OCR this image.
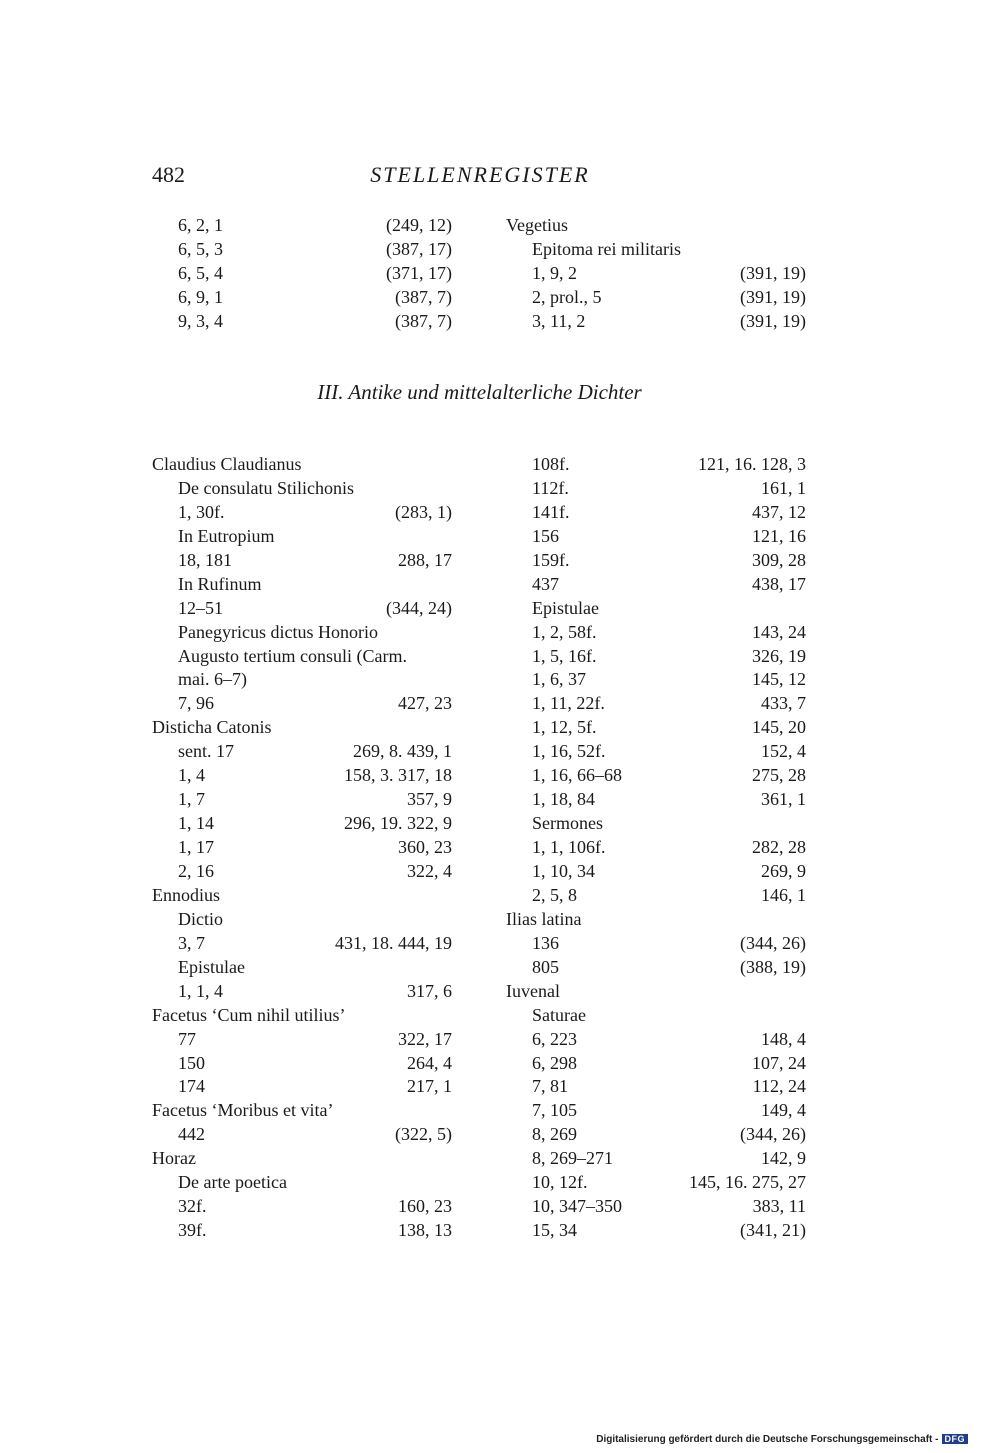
482	STELLENREGISTER
6, 2, 1	(249, 12)
6, 5, 3	(387, 17)
6, 5, 4	(371, 17)
6, 9, 1	(387, 7)
9, 3, 4	(387, 7)
Vegetius
Epitoma rei militaris
1, 9, 2	(391, 19)
2, prol., 5	(391, 19)
3, 11, 2	(391, 19)
III. Antike und mittelalterliche Dichter
Claudius Claudianus
De consulatu Stilichonis
1, 30f.	(283, 1)
In Eutropium
18, 181	288, 17
In Rufinum
12–51	(344, 24)
Panegyricus dictus Honorio
Augusto tertium consuli (Carm.
mai. 6–7)
7, 96	427, 23
Disticha Catonis
sent. 17	269, 8. 439, 1
1, 4	158, 3. 317, 18
1, 7	357, 9
1, 14	296, 19. 322, 9
1, 17	360, 23
2, 16	322, 4
Ennodius
Dictio
3, 7	431, 18. 444, 19
Epistulae
1, 1, 4	317, 6
Facetus ‘Cum nihil utilius’
77	322, 17
150	264, 4
174	217, 1
Facetus ‘Moribus et vita’
442	(322, 5)
Horaz
De arte poetica
32f.	160, 23
39f.	138, 13
108f.	121, 16. 128, 3
112f.	161, 1
141f.	437, 12
156	121, 16
159f.	309, 28
437	438, 17
Epistulae
1, 2, 58f.	143, 24
1, 5, 16f.	326, 19
1, 6, 37	145, 12
1, 11, 22f.	433, 7
1, 12, 5f.	145, 20
1, 16, 52f.	152, 4
1, 16, 66–68	275, 28
1, 18, 84	361, 1
Sermones
1, 1, 106f.	282, 28
1, 10, 34	269, 9
2, 5, 8	146, 1
Ilias latina
136	(344, 26)
805	(388, 19)
Iuvenal
Saturae
6, 223	148, 4
6, 298	107, 24
7, 81	112, 24
7, 105	149, 4
8, 269	(344, 26)
8, 269–271	142, 9
10, 12f.	145, 16. 275, 27
10, 347–350	383, 11
15, 34	(341, 21)
Digitalisierung gefördert durch die Deutsche Forschungsgemeinschaft - DFG
